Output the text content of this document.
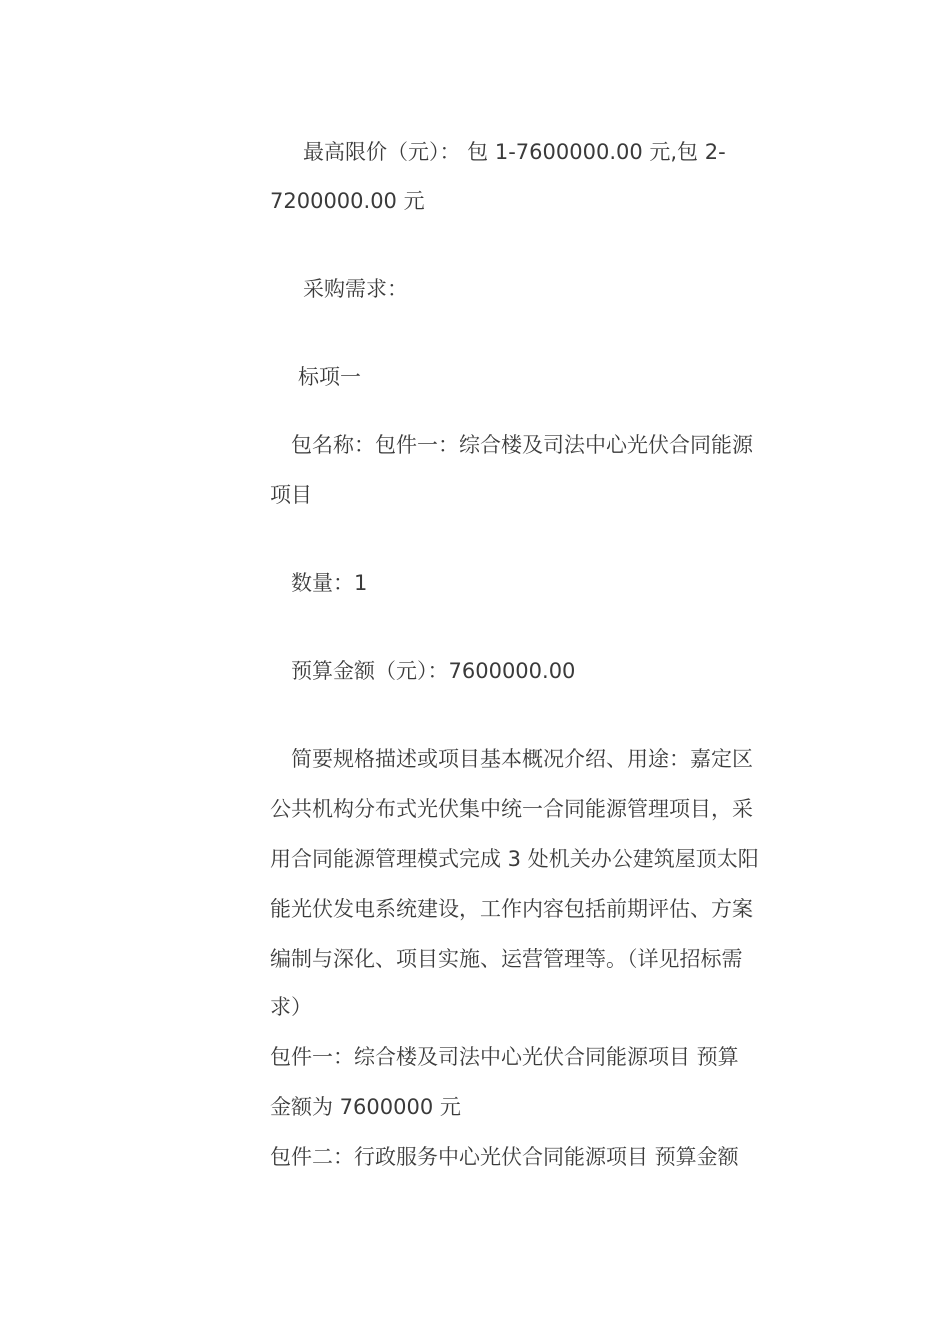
最高限价（元）： 包 1-7600000.00 元,包 2-
7200000.00 元
采购需求：
标项一
包名称：包件一：综合楼及司法中心光伏合同能源
项目
数量：1
预算金额（元）：7600000.00
简要规格描述或项目基本概况介绍、用途：嘉定区
公共机构分布式光伏集中统一合同能源管理项目，采
用合同能源管理模式完成 3 处机关办公建筑屋顶太阳
能光伏发电系统建设，工作内容包括前期评估、方案
编制与深化、项目实施、运营管理等。（详见招标需
求）
包件一：综合楼及司法中心光伏合同能源项目 预算
金额为 7600000 元
包件二：行政服务中心光伏合同能源项目 预算金额
